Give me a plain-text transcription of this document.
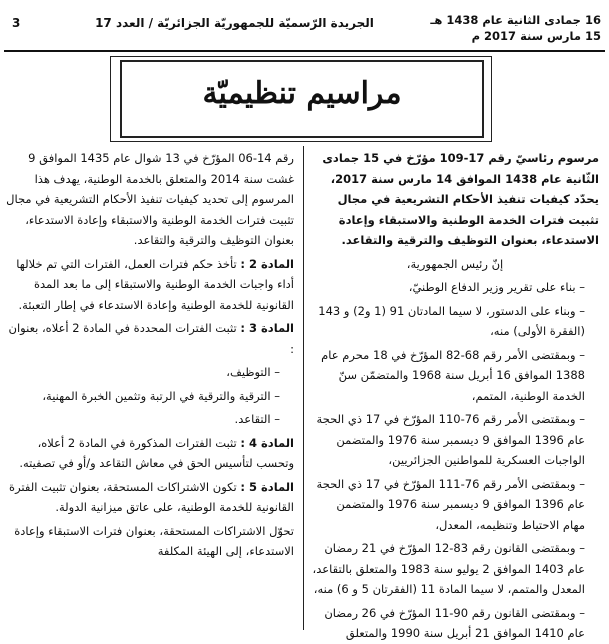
16 جمادى الثانية عام 1438 هـ
15 مارس سنة 2017 م
الجريدة الرّسميّة للجمهوريّة الجزائريّة / العدد 17
3
مراسيم تنظيميّة

مرسوم رئاسيّ رقم 17-109 مؤرّخ في 15 جمادى الثّانية عام 1438 الموافق 14 مارس سنة 2017، يحدّد كيفيات تنفيذ الأحكام التشريعية في مجال تثبيت فترات الخدمة الوطنية والاستبقاء وإعادة الاستدعاء، بعنوان التوظيف والترقية والتقاعد.

إنّ رئيس الجمهورية،

– بناء على تقرير وزير الدفاع الوطنيّ،

– وبناء على الدستور، لا سيما المادتان 91 (1 و2) و 143 (الفقرة الأولى) منه،

– وبمقتضى الأمر رقم 68-82 المؤرّخ في 18 محرم عام 1388 الموافق 16 أبريل سنة 1968 والمتضمّن سنّ الخدمة الوطنية، المتمم،

– وبمقتضى الأمر رقم 76-110 المؤرّخ في 17 ذي الحجة عام 1396 الموافق 9 ديسمبر سنة 1976 والمتضمن الواجبات العسكرية للمواطنين الجزائريين،

– وبمقتضى الأمر رقم 76-111 المؤرّخ في 17 ذي الحجة عام 1396 الموافق 9 ديسمبر سنة 1976 والمتضمن مهام الاحتياط وتنظيمه، المعدل،

– وبمقتضى القانون رقم 83-12 المؤرّخ في 21 رمضان عام 1403 الموافق 2 يوليو سنة 1983 والمتعلق بالتقاعد، المعدل والمتمم، لا سيما المادة 11 (الفقرتان 5 و 6) منه،

– وبمقتضى القانون رقم 90-11 المؤرّخ في 26 رمضان عام 1410 الموافق 21 أبريل سنة 1990 والمتعلق

رقم 14-06 المؤرّخ في 13 شوال عام 1435 الموافق 9 غشت سنة 2014 والمتعلق بالخدمة الوطنية، يهدف هذا المرسوم إلى تحديد كيفيات تنفيذ الأحكام التشريعية في مجال تثبيت فترات الخدمة الوطنية والاستبقاء وإعادة الاستدعاء، بعنوان التوظيف والترقية والتقاعد.

المادة 2 : تأخذ حكم فترات العمل، الفترات التي تم خلالها أداء واجبات الخدمة الوطنية والاستبقاء إلى ما بعد المدة القانونية للخدمة الوطنية وإعادة الاستدعاء في إطار التعبئة.

المادة 3 : تثبت الفترات المحددة في المادة 2 أعلاه، بعنوان :

– التوظيف،

– الترقية والترقية في الرتبة وتثمين الخبرة المهنية،

– التقاعد.

المادة 4 : تثبت الفترات المذكورة في المادة 2 أعلاه، وتحسب لتأسيس الحق في معاش التقاعد و/أو في تصفيته.

المادة 5 : تكون الاشتراكات المستحقة، بعنوان تثبيت الفترة القانونية للخدمة الوطنية، على عاتق ميزانية الدولة.

تحوّل الاشتراكات المستحقة، بعنوان فترات الاستبقاء وإعادة الاستدعاء، إلى الهيئة المكلفة
